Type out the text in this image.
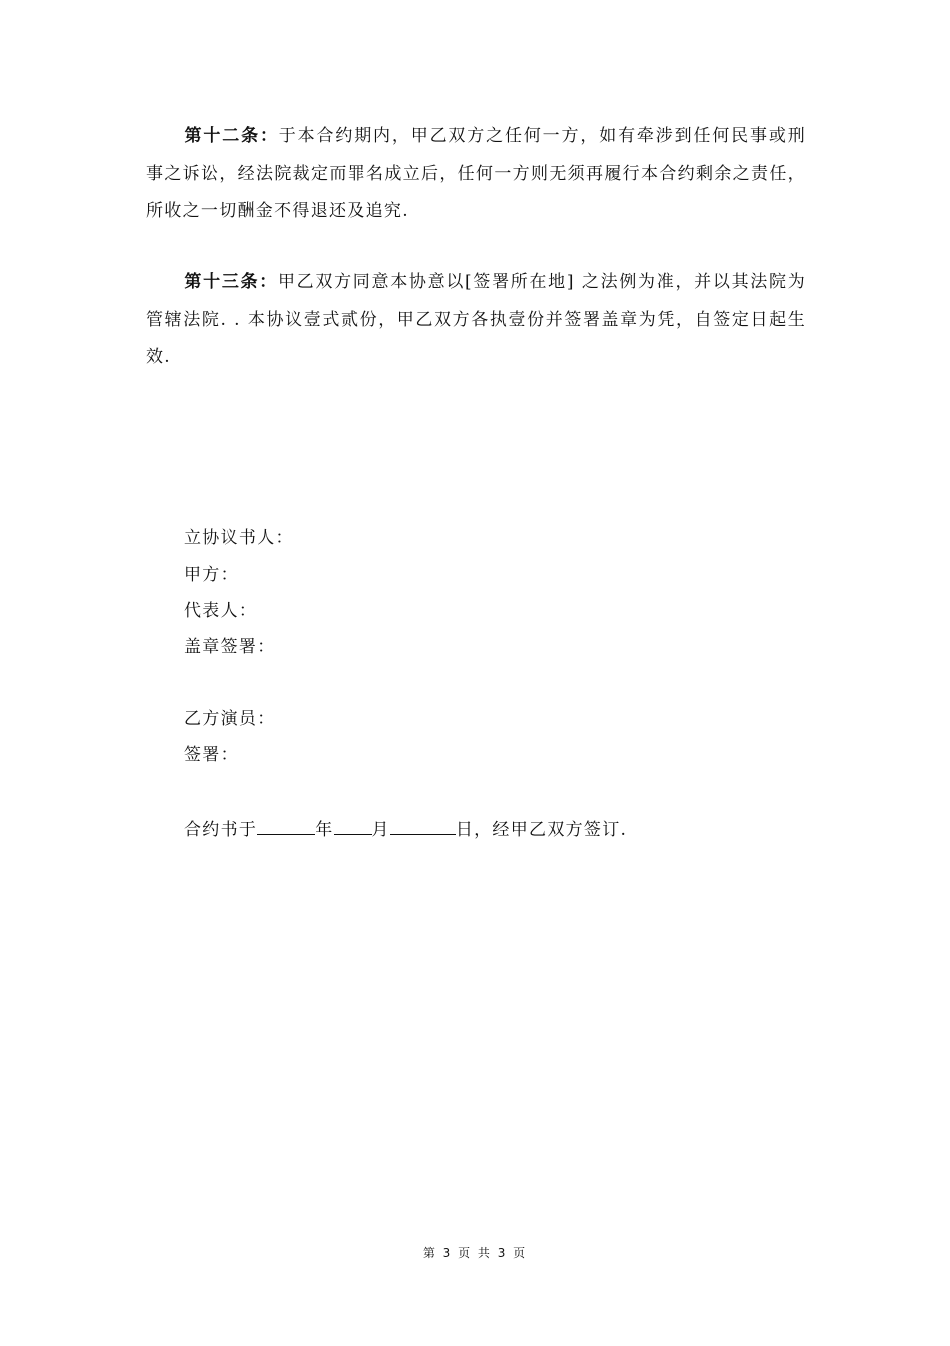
第十二条：于本合约期内，甲乙双方之任何一方，如有牵涉到任何民事或刑事之诉讼，经法院裁定而罪名成立后，任何一方则无须再履行本合约剩余之责任，所收之一切酬金不得退还及追究.

第十三条：甲乙双方同意本协意以[签署所在地] 之法例为准，并以其法院为管辖法院. . 本协议壹式贰份，甲乙双方各执壹份并签署盖章为凭，自签定日起生效.

立协议书人：

甲方：

代表人：

盖章签署：

乙方演员：

签署：

合约书于	年 月	日，经甲乙双方签订.

第 3 页 共 3 页
